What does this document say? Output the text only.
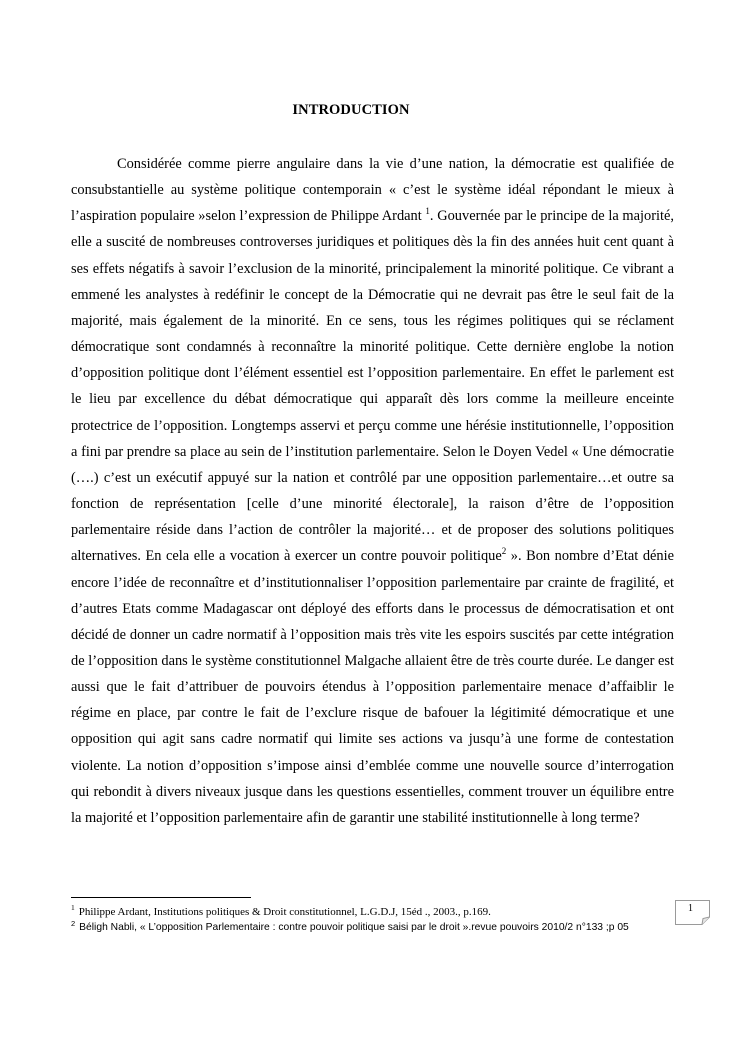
INTRODUCTION

Considérée comme pierre angulaire dans la vie d’une nation, la démocratie est qualifiée de consubstantielle au système politique contemporain « c’est le système idéal répondant le mieux à l’aspiration populaire »selon l’expression de Philippe Ardant $^1$. Gouvernée par le principe de la majorité, elle a suscité de nombreuses controverses juridiques et politiques dès la fin des années huit cent quant à ses effets négatifs à savoir l’exclusion de la minorité, principalement la minorité politique. Ce vibrant a emmené les analystes à redéfinir le concept de la Démocratie qui ne devrait pas être le seul fait de la majorité, mais également de la minorité. En ce sens, tous les régimes politiques qui se réclament démocratique sont condamnés à reconnaître la minorité politique. Cette dernière englobe la notion d’opposition politique dont l’élément essentiel est l’opposition parlementaire. En effet le parlement est le lieu par excellence du débat démocratique qui apparaît dès lors comme la meilleure enceinte protectrice de l’opposition. Longtemps asservi et perçu comme une hérésie institutionnelle, l’opposition a fini par prendre sa place au sein de l’institution parlementaire. Selon le Doyen Vedel « Une démocratie (….) c’est un exécutif appuyé sur la nation et contrôlé par une opposition parlementaire…et outre sa fonction de représentation [celle d’une minorité électorale], la raison d’être de l’opposition parlementaire réside dans l’action de contrôler la majorité… et de proposer des solutions politiques alternatives. En cela elle a vocation à exercer un contre pouvoir politique$^2$ ». Bon nombre d’Etat dénie encore l’idée de reconnaître et d’institutionnaliser l’opposition parlementaire par crainte de fragilité, et d’autres Etats comme Madagascar ont déployé des efforts dans le processus de démocratisation et ont décidé de donner un cadre normatif à l’opposition mais très vite les espoirs suscités par cette intégration de l’opposition dans le système constitutionnel Malgache allaient être de très courte durée. Le danger est aussi que le fait d’attribuer de pouvoirs étendus à l’opposition parlementaire menace d’affaiblir le régime en place, par contre le fait de l’exclure risque de bafouer la légitimité démocratique et une opposition qui agit sans cadre normatif qui limite ses actions va jusqu’à une forme de contestation violente. La notion d’opposition s’impose ainsi d’emblée comme une nouvelle source d’interrogation qui rebondit à divers niveaux jusque dans les questions essentielles, comment trouver un équilibre entre la majorité et l’opposition parlementaire afin de garantir une stabilité institutionnelle à long terme?

$^1$ Philippe Ardant, Institutions politiques & Droit constitutionnel, L.G.D.J, 15éd ., 2003., p.169.
$^2$ Béligh Nabli, « L’opposition Parlementaire : contre pouvoir politique saisi par le droit ».revue pouvoirs 2010/2 n°133 ;p 05
1
